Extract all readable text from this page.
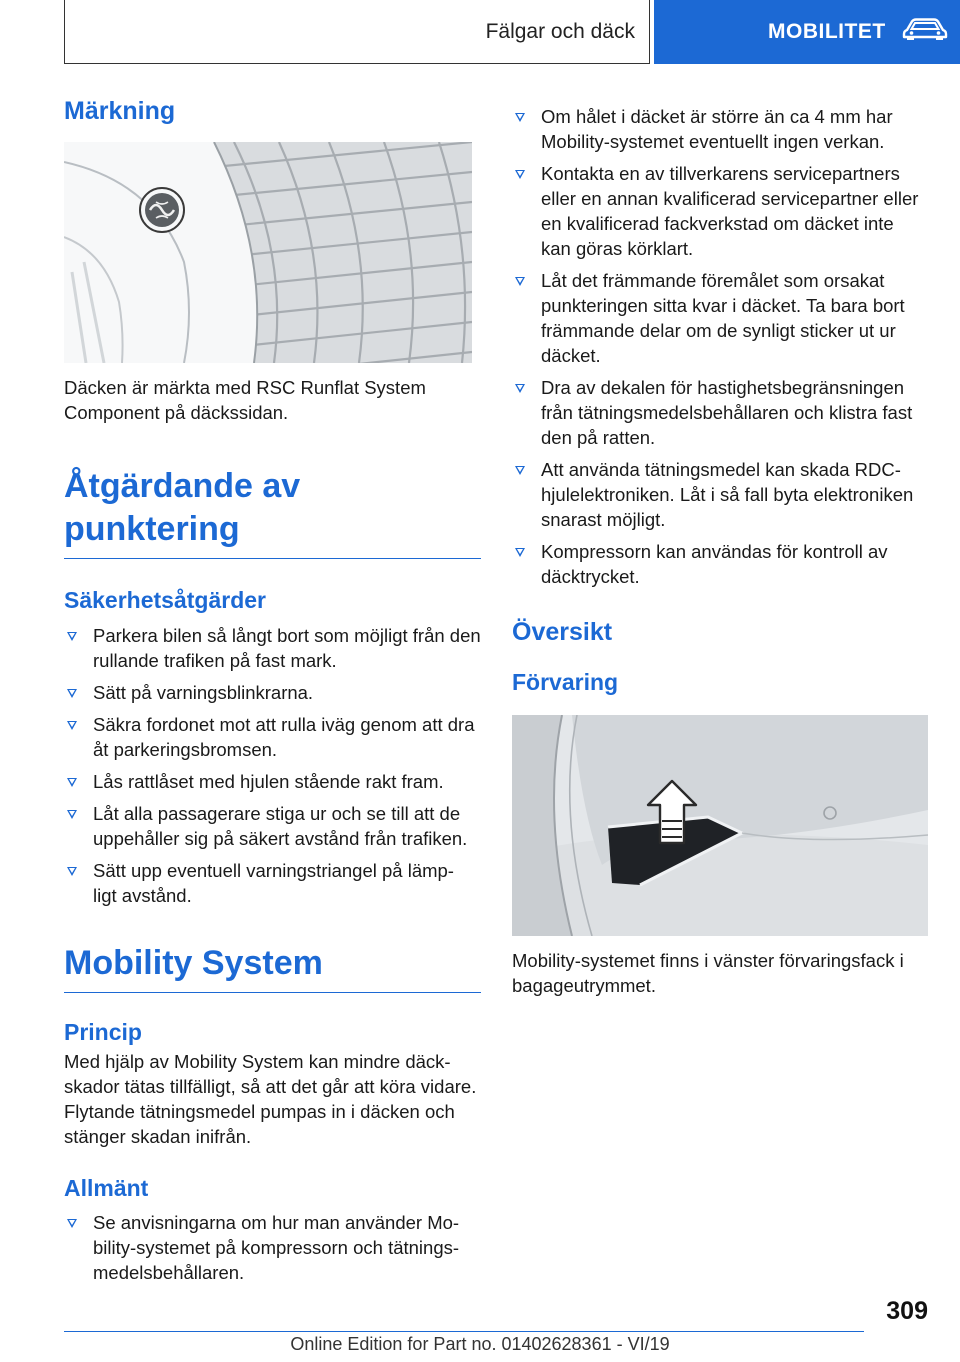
Fälgar och däck	MOBILITET
Märkning

Däcken är märkta med RSC Runflat System Component på däckssidan.

Åtgärdande av punktering
Säkerhetsåtgärder
Parkera bilen så långt bort som möjligt från den rullande trafiken på fast mark.
Sätt på varningsblinkrarna.
Säkra fordonet mot att rulla iväg genom att dra åt parkeringsbromsen.
Lås rattlåset med hjulen stående rakt fram.
Låt alla passagerare stiga ur och se till att de uppehåller sig på säkert avstånd från trafiken.
Sätt upp eventuell varningstriangel på lämp- ligt avstånd.
Mobility System
Princip

Med hjälp av Mobility System kan mindre däck- skador tätas tillfälligt, så att det går att köra vidare. Flytande tätningsmedel pumpas in i däcken och stänger skadan inifrån.

Allmänt
Se anvisningarna om hur man använder Mo- bility-systemet på kompressorn och tätnings- medelsbehållaren.
Om hålet i däcket är större än ca 4 mm har Mobility-systemet eventuellt ingen verkan.
Kontakta en av tillverkarens servicepartners eller en annan kvalificerad servicepartner eller en kvalificerad fackverkstad om däcket inte kan göras körklart.
Låt det främmande föremålet som orsakat punkteringen sitta kvar i däcket. Ta bara bort främmande delar om de synligt sticker ut ur däcket.
Dra av dekalen för hastighetsbegränsningen från tätningsmedelsbehållaren och klistra fast den på ratten.
Att använda tätningsmedel kan skada RDC- hjulelektroniken. Låt i så fall byta elektroniken snarast möjligt.
Kompressorn kan användas för kontroll av däcktrycket.
Översikt
Förvaring

Mobility-systemet finns i vänster förvaringsfack i bagageutrymmet.

309
Online Edition for Part no. 01402628361 - VI/19
